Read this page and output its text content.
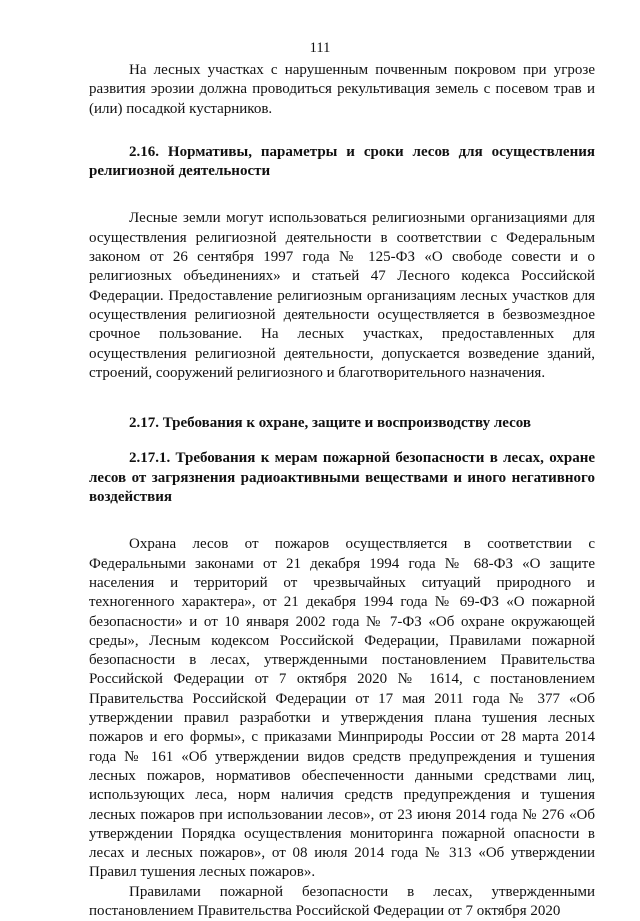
111

На лесных участках с нарушенным почвенным покровом при угрозе развития эрозии должна проводиться рекультивация земель с посевом трав и (или) посадкой кустарников.

2.16. Нормативы, параметры и сроки лесов для осуществления религиозной деятельности

Лесные земли могут использоваться религиозными организациями для осуществления религиозной деятельности в соответствии с Федеральным законом от 26 сентября 1997 года № 125-ФЗ «О свободе совести и о религиозных объединениях» и статьей 47 Лесного кодекса Российской Федерации. Предоставление религиозным организациям лесных участков для осуществления религиозной деятельности осуществляется в безвозмездное срочное пользование. На лесных участках, предоставленных для осуществления религиозной деятельности, допускается возведение зданий, строений, сооружений религиозного и благотворительного назначения.

2.17. Требования к охране, защите и воспроизводству лесов

2.17.1. Требования к мерам пожарной безопасности в лесах, охране лесов от загрязнения радиоактивными веществами и иного негативного воздействия

Охрана лесов от пожаров осуществляется в соответствии с Федеральными законами от 21 декабря 1994 года № 68-ФЗ «О защите населения и территорий от чрезвычайных ситуаций природного и техногенного характера», от 21 декабря 1994 года № 69-ФЗ «О пожарной безопасности» и от 10 января 2002 года № 7-ФЗ «Об охране окружающей среды», Лесным кодексом Российской Федерации, Правилами пожарной безопасности в лесах, утвержденными постановлением Правительства Российской Федерации от 7 октября 2020 № 1614, с постановлением Правительства Российской Федерации от 17 мая 2011 года № 377 «Об утверждении правил разработки и утверждения плана тушения лесных пожаров и его формы», с приказами Минприроды России от 28 марта 2014 года № 161 «Об утверждении видов средств предупреждения и тушения лесных пожаров, нормативов обеспеченности данными средствами лиц, использующих леса, норм наличия средств предупреждения и тушения лесных пожаров при использовании лесов», от 23 июня 2014 года № 276 «Об утверждении Порядка осуществления мониторинга пожарной опасности в лесах и лесных пожаров», от 08 июля 2014 года № 313 «Об утверждении Правил тушения лесных пожаров».

Правилами пожарной безопасности в лесах, утвержденными постановлением Правительства Российской Федерации от 7 октября 2020
